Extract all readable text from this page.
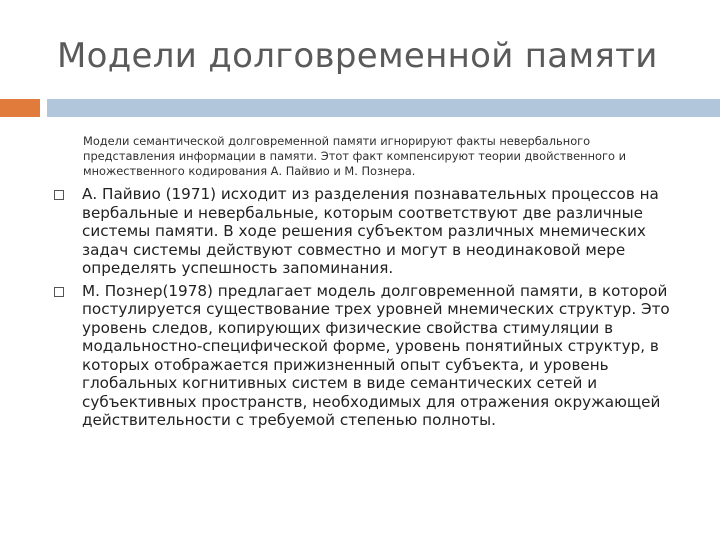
Модели долговременной памяти

Модели семантической долговременной памяти игнорируют факты невербального представления информации в памяти. Этот факт компенсируют теории двойственного и множественного кодирования А. Пайвио и М. Познера.

А. Пайвио (1971) исходит из разделения познавательных процессов на вербальные и невербальные, которым соответствуют две различные системы памяти. В ходе решения субъектом различных мнемических задач системы действуют совместно и могут в неодинаковой мере определять успешность запоминания.
М. Познер(1978) предлагает модель долговременной памяти, в которой постулируется существование трех уровней мнемических структур. Это уровень следов, копирующих физические свойства стимуляции в модальностно-специфической форме, уровень понятийных структур, в которых отображается прижизненный опыт субъекта, и уровень глобальных когнитивных систем в виде семантических сетей и субъективных пространств, необходимых для отражения окружающей действительности с требуемой степенью полноты.
